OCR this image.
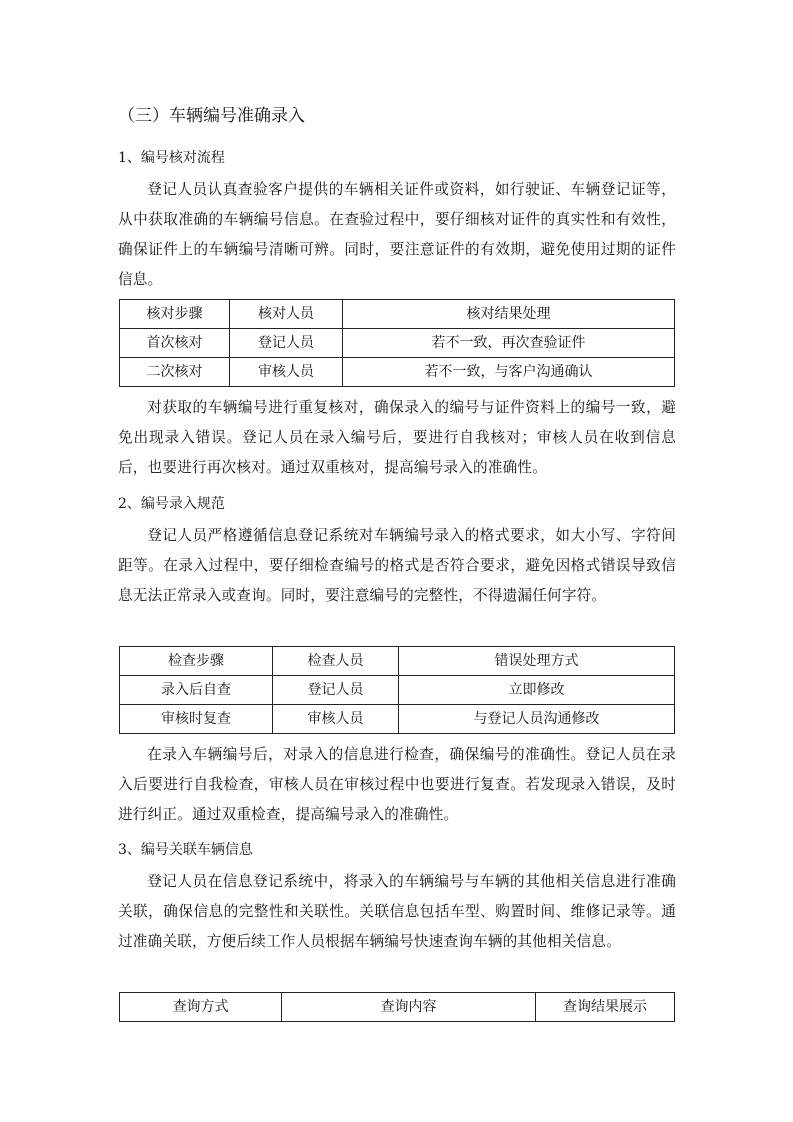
（三）车辆编号准确录入
1、编号核对流程

登记人员认真查验客户提供的车辆相关证件或资料，如行驶证、车辆登记证等，从中获取准确的车辆编号信息。在查验过程中，要仔细核对证件的真实性和有效性，确保证件上的车辆编号清晰可辨。同时，要注意证件的有效期，避免使用过期的证件信息。

核对步骤	核对人员	核对结果处理
首次核对	登记人员	若不一致，再次查验证件
二次核对	审核人员	若不一致，与客户沟通确认

对获取的车辆编号进行重复核对，确保录入的编号与证件资料上的编号一致，避免出现录入错误。登记人员在录入编号后，要进行自我核对；审核人员在收到信息后，也要进行再次核对。通过双重核对，提高编号录入的准确性。

2、编号录入规范

登记人员严格遵循信息登记系统对车辆编号录入的格式要求，如大小写、字符间距等。在录入过程中，要仔细检查编号的格式是否符合要求，避免因格式错误导致信息无法正常录入或查询。同时，要注意编号的完整性，不得遗漏任何字符。

检查步骤	检查人员	错误处理方式
录入后自查	登记人员	立即修改
审核时复查	审核人员	与登记人员沟通修改

在录入车辆编号后，对录入的信息进行检查，确保编号的准确性。登记人员在录入后要进行自我检查，审核人员在审核过程中也要进行复查。若发现录入错误，及时进行纠正。通过双重检查，提高编号录入的准确性。

3、编号关联车辆信息

登记人员在信息登记系统中，将录入的车辆编号与车辆的其他相关信息进行准确关联，确保信息的完整性和关联性。关联信息包括车型、购置时间、维修记录等。通过准确关联，方便后续工作人员根据车辆编号快速查询车辆的其他相关信息。

查询方式	查询内容	查询结果展示
